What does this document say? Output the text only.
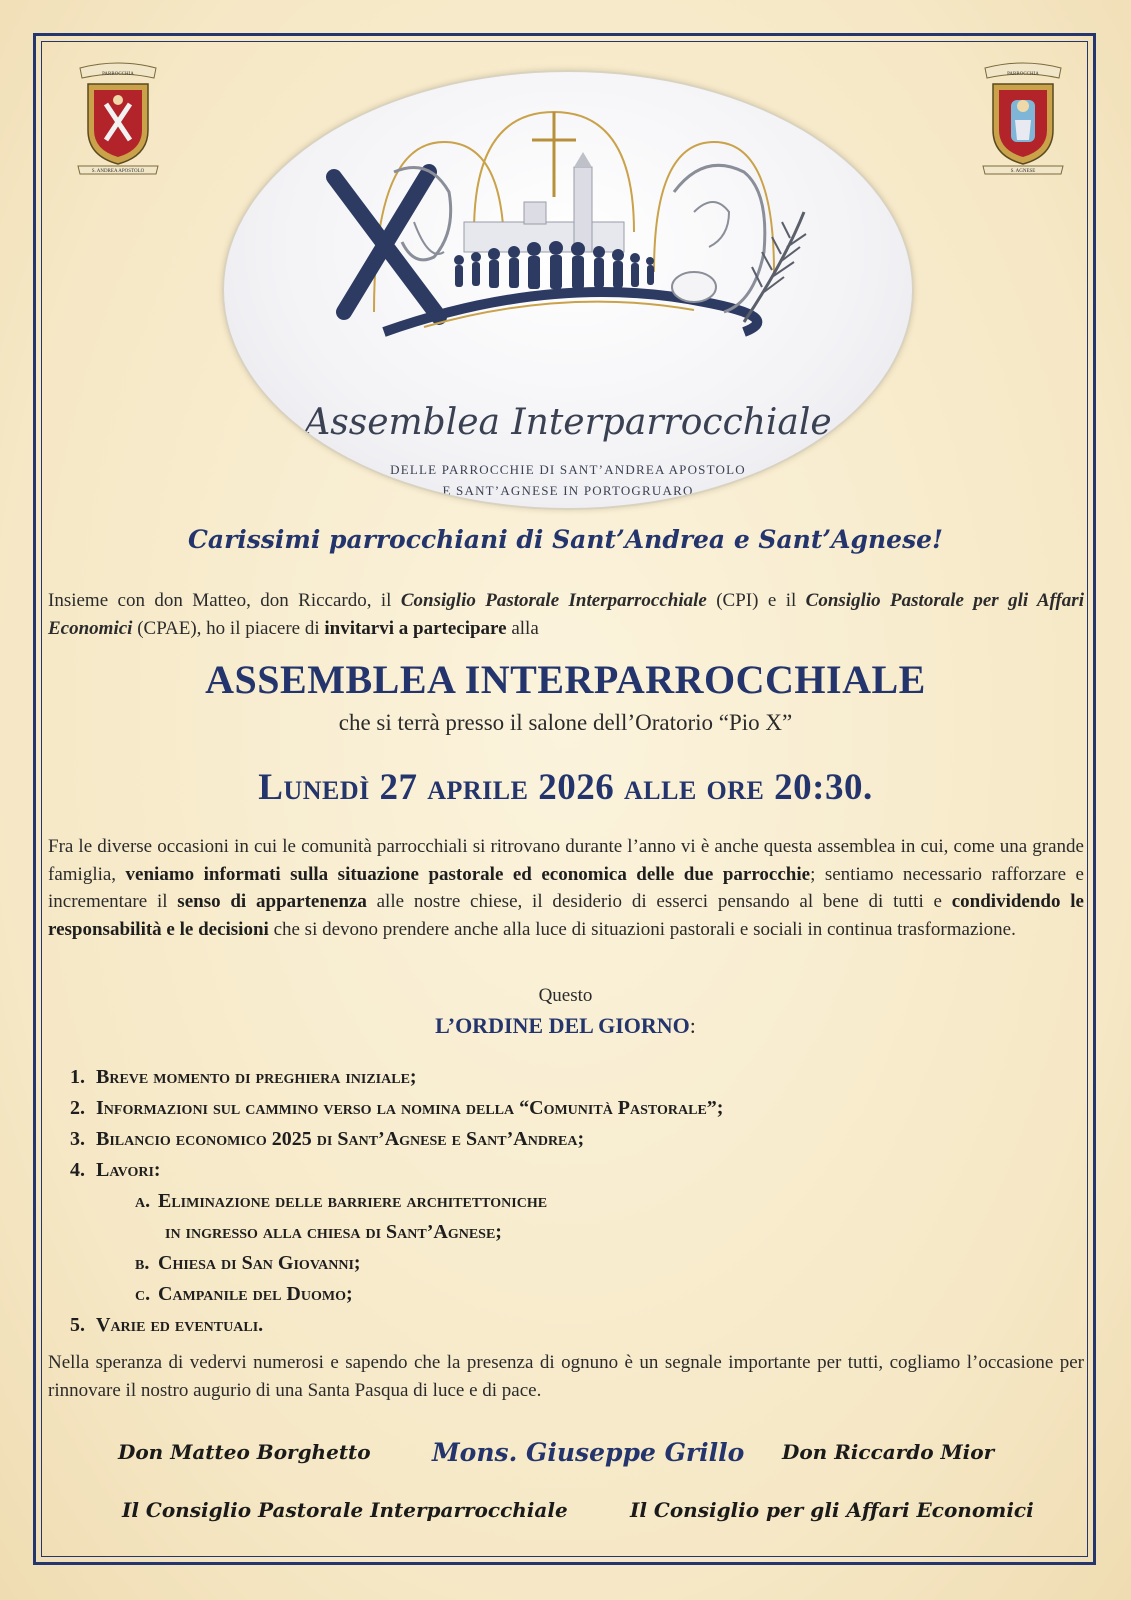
PARROCCHIA
S. ANDREA APOSTOLO
PARROCCHIA
S. AGNESE
Assemblea Interparrocchiale
DELLE PARROCCHIE DI SANT’ANDREA APOSTOLO
E SANT’AGNESE IN PORTOGRUARO
Carissimi parrocchiani di Sant’Andrea e Sant’Agnese!
Insieme con don Matteo, don Riccardo, il Consiglio Pastorale Interparrocchiale (CPI) e il Consiglio Pastorale per gli Affari Economici (CPAE), ho il piacere di invitarvi a partecipare alla
ASSEMBLEA INTERPARROCCHIALE
che si terrà presso il salone dell’Oratorio “Pio X”
Lunedì 27 aprile 2026 alle ore 20:30.
Fra le diverse occasioni in cui le comunità parrocchiali si ritrovano durante l’anno vi è anche questa assemblea in cui, come una grande famiglia, veniamo informati sulla situazione pastorale ed economica delle due parrocchie; sentiamo necessario rafforzare e incrementare il senso di appartenenza alle nostre chiese, il desiderio di esserci pensando al bene di tutti e condividendo le responsabilità e le decisioni che si devono prendere anche alla luce di situazioni pastorali e sociali in continua trasformazione.
Questo
L’ORDINE DEL GIORNO:
1. Breve momento di preghiera iniziale;
2. Informazioni sul cammino verso la nomina della “Comunità Pastorale”;
3. Bilancio economico 2025 di Sant’Agnese e Sant’Andrea;
4. Lavori:
a. Eliminazione delle barriere architettoniche
in ingresso alla chiesa di Sant’Agnese;
b. Chiesa di San Giovanni;
c. Campanile del Duomo;
5. Varie ed eventuali.
Nella speranza di vedervi numerosi e sapendo che la presenza di ognuno è un segnale importante per tutti, cogliamo l’occasione per rinnovare il nostro augurio di una Santa Pasqua di luce e di pace.
Don Matteo Borghetto Mons. Giuseppe Grillo Don Riccardo Mior
Il Consiglio Pastorale Interparrocchiale	Il Consiglio per gli Affari Economici
